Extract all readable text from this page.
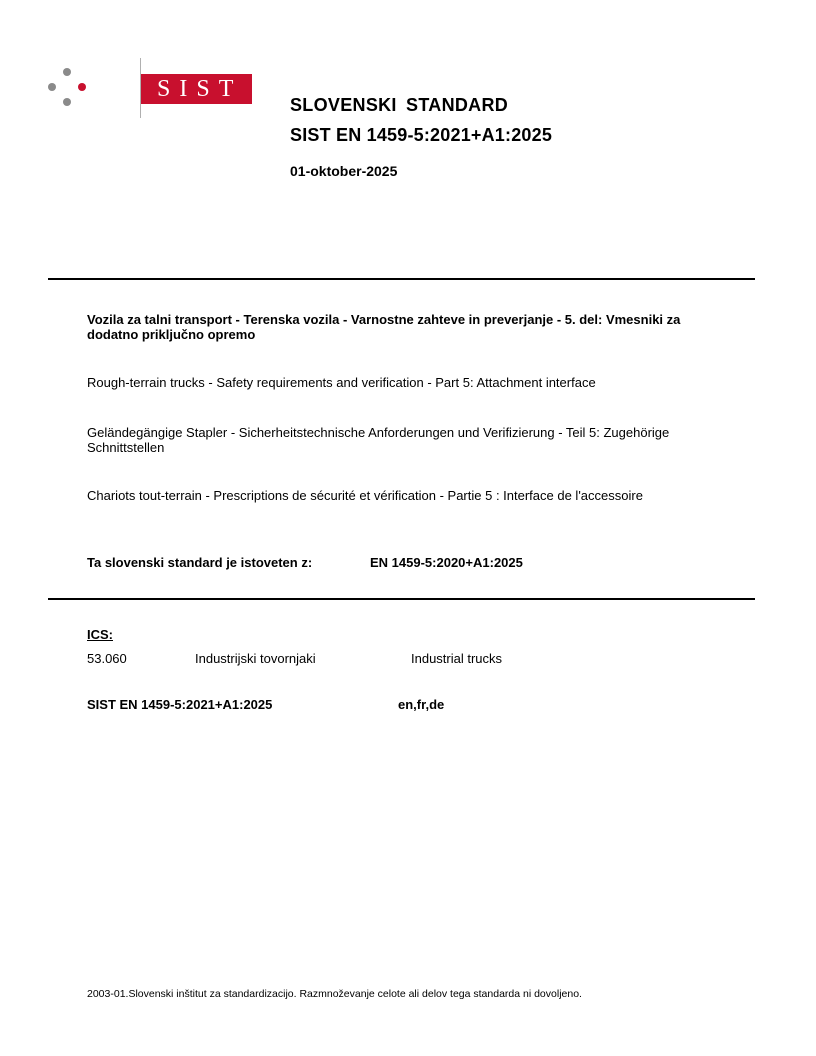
SIST
SLOVENSKI STANDARD
SIST EN 1459-5:2021+A1:2025
01-oktober-2025
Vozila za talni transport - Terenska vozila - Varnostne zahteve in preverjanje - 5. del: Vmesniki za dodatno priključno opremo
Rough-terrain trucks - Safety requirements and verification - Part 5: Attachment interface
Geländegängige Stapler - Sicherheitstechnische Anforderungen und Verifizierung - Teil 5: Zugehörige Schnittstellen
Chariots tout-terrain - Prescriptions de sécurité et vérification - Partie 5 : Interface de l'accessoire
Ta slovenski standard je istoveten z:	EN 1459-5:2020+A1:2025
ICS:
53.060	Industrijski tovornjaki	Industrial trucks
SIST EN 1459-5:2021+A1:2025	en,fr,de
2003-01.Slovenski inštitut za standardizacijo. Razmnoževanje celote ali delov tega standarda ni dovoljeno.
